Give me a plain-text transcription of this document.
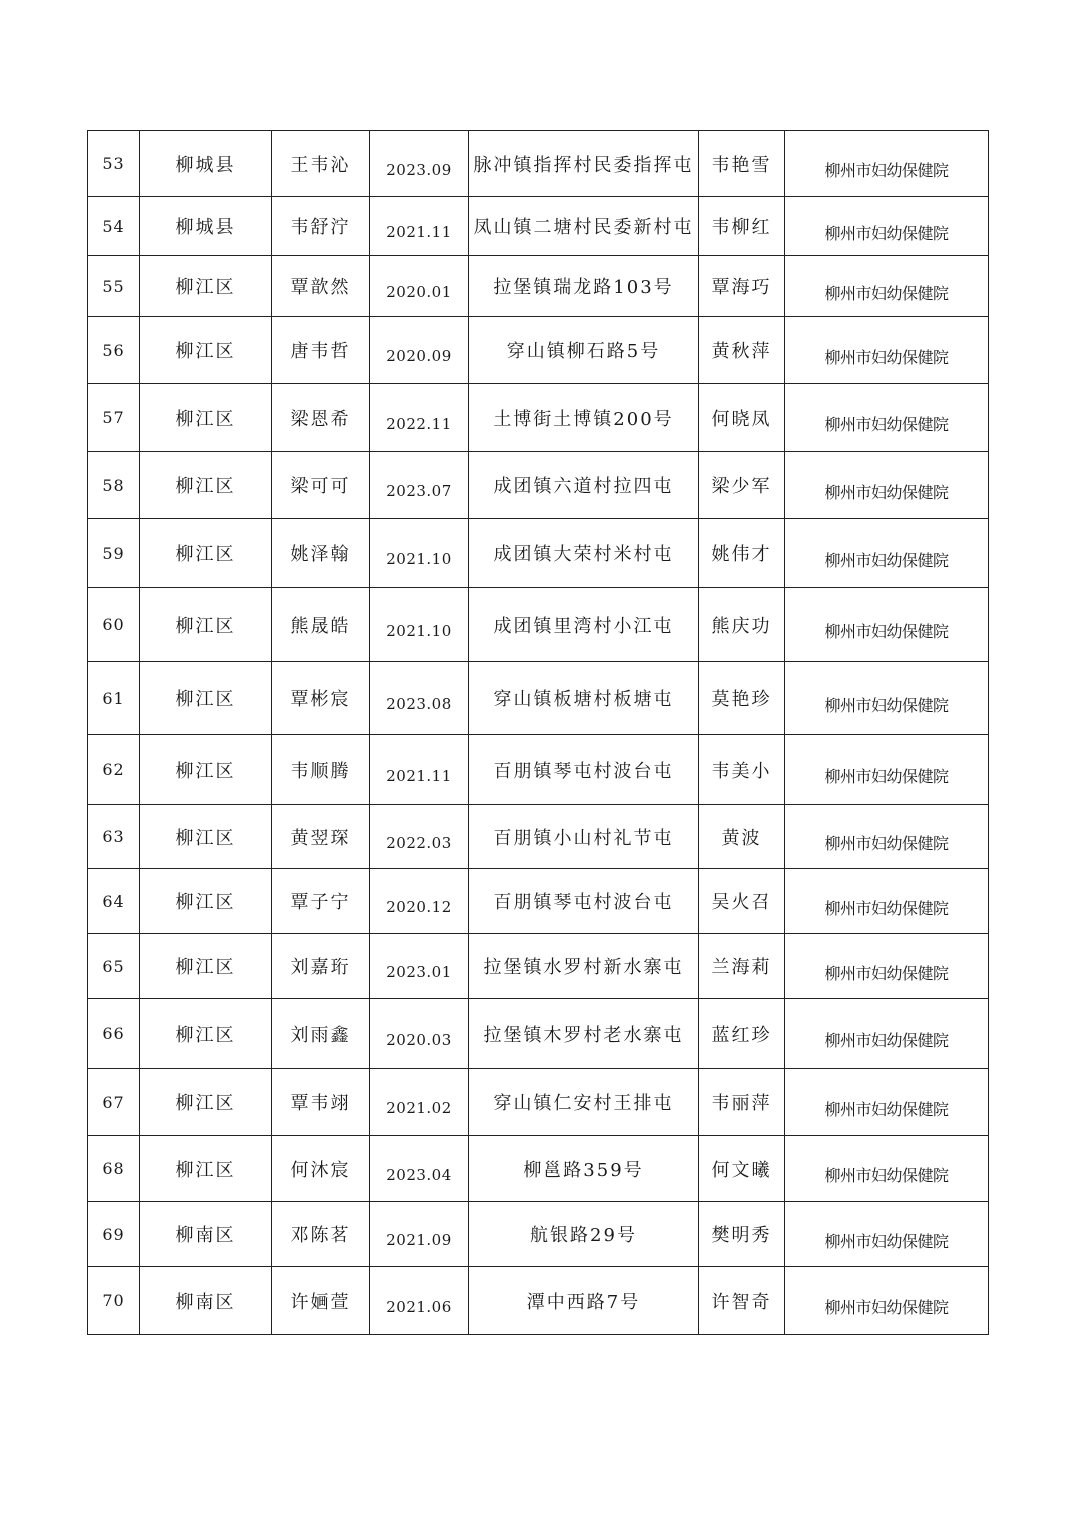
53	柳城县	王韦沁	2023.09	脉冲镇指挥村民委指挥屯	韦艳雪	柳州市妇幼保健院
54	柳城县	韦舒泞	2021.11	凤山镇二塘村民委新村屯	韦柳红	柳州市妇幼保健院
55	柳江区	覃歆然	2020.01	拉堡镇瑞龙路103号	覃海巧	柳州市妇幼保健院
56	柳江区	唐韦哲	2020.09	穿山镇柳石路5号	黄秋萍	柳州市妇幼保健院
57	柳江区	梁恩希	2022.11	土博街土博镇200号	何晓凤	柳州市妇幼保健院
58	柳江区	梁可可	2023.07	成团镇六道村拉四屯	梁少军	柳州市妇幼保健院
59	柳江区	姚泽翰	2021.10	成团镇大荣村米村屯	姚伟才	柳州市妇幼保健院
60	柳江区	熊晟皓	2021.10	成团镇里湾村小江屯	熊庆功	柳州市妇幼保健院
61	柳江区	覃彬宸	2023.08	穿山镇板塘村板塘屯	莫艳珍	柳州市妇幼保健院
62	柳江区	韦顺腾	2021.11	百朋镇琴屯村波台屯	韦美小	柳州市妇幼保健院
63	柳江区	黄翌琛	2022.03	百朋镇小山村礼节屯	黄波	柳州市妇幼保健院
64	柳江区	覃子宁	2020.12	百朋镇琴屯村波台屯	吴火召	柳州市妇幼保健院
65	柳江区	刘嘉珩	2023.01	拉堡镇水罗村新水寨屯	兰海莉	柳州市妇幼保健院
66	柳江区	刘雨鑫	2020.03	拉堡镇木罗村老水寨屯	蓝红珍	柳州市妇幼保健院
67	柳江区	覃韦翊	2021.02	穿山镇仁安村王排屯	韦丽萍	柳州市妇幼保健院
68	柳江区	何沐宸	2023.04	柳邕路359号	何文曦	柳州市妇幼保健院
69	柳南区	邓陈茗	2021.09	航银路29号	樊明秀	柳州市妇幼保健院
70	柳南区	许婳萱	2021.06	潭中西路7号	许智奇	柳州市妇幼保健院
